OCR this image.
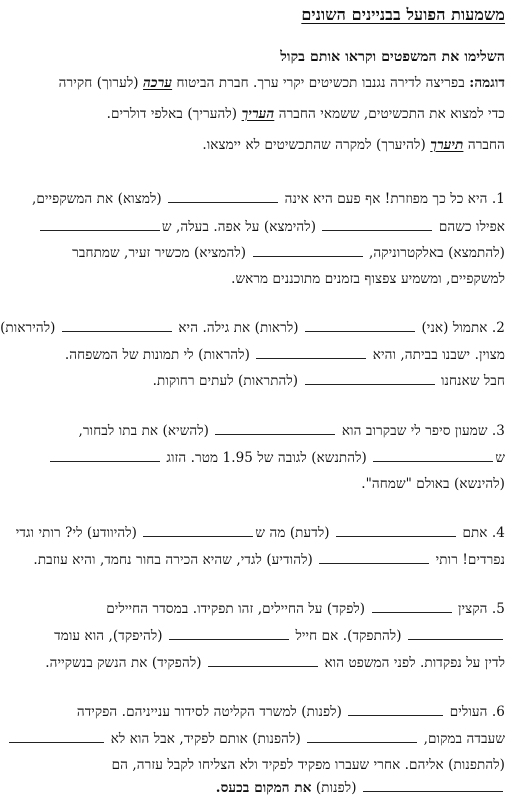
משמעות הפועל בבניינים השונים
השלימו את המשפטים וקראו אותם בקול
דוגמה: בפריצה לדירה נגנבו תכשיטים יקרי ערך. חברת הביטוח ערכה (לערוך) חקירה
כדי למצוא את התכשיטים, ששמאי החברה העריך (להעריך) באלפי דולרים.
החברה תיערך (להיערך) למקרה שהתכשיטים לא יימצאו.
1. היא כל כך מפוזרת! אף פעם היא אינה  (למצוא) את המשקפיים,
אפילו כשהם  (להימצא) על אפה. בעלה, ש
(להתמצא) באלקטרוניקה,  (להמציא) מכשיר זעיר, שמתחבר
למשקפיים, ומשמיע צפצוף בזמנים מתוכננים מראש.
2. אתמול (אני)  (לראות) את גילה. היא  (להיראות)
מצוין. ישבנו בביתה, והיא  (להראות) לי תמונות של המשפחה.
חבל שאנחנו  (להתראות) לעתים רחוקות.
3. שמעון סיפר לי שבקרוב הוא  (להשיא) את בתו לבחור,
ש (להתנשא) לגובה של 1.95 מטר. הזוג
(להינשא) באולם "שמחה".
4. אתם  (לדעת) מה ש (להיוודע) לי? רותי וגדי
נפרדים! רותי  (להודיע) לגדי, שהיא הכירה בחור נחמד, והיא עוזבת.
5. הקצין  (לפקד) על החיילים, זהו תפקידו. במסדר החיילים
(להתפקד). אם חייל  (להיפקד), הוא עומד
לדין על נפקדות. לפני המשפט הוא  (להפקיד) את הנשק בנשקייה.
6. העולים  (לפנות) למשרד הקליטה לסידור ענייניהם. הפקידה
שעבדה במקום,  (להפנות) אותם לפקיד, אבל הוא לא
(להתפנות) אליהם. אחרי שעברו מפקיד לפקיד ולא הצליחו לקבל עזרה, הם
(לפנות) את המקום בכעס.
